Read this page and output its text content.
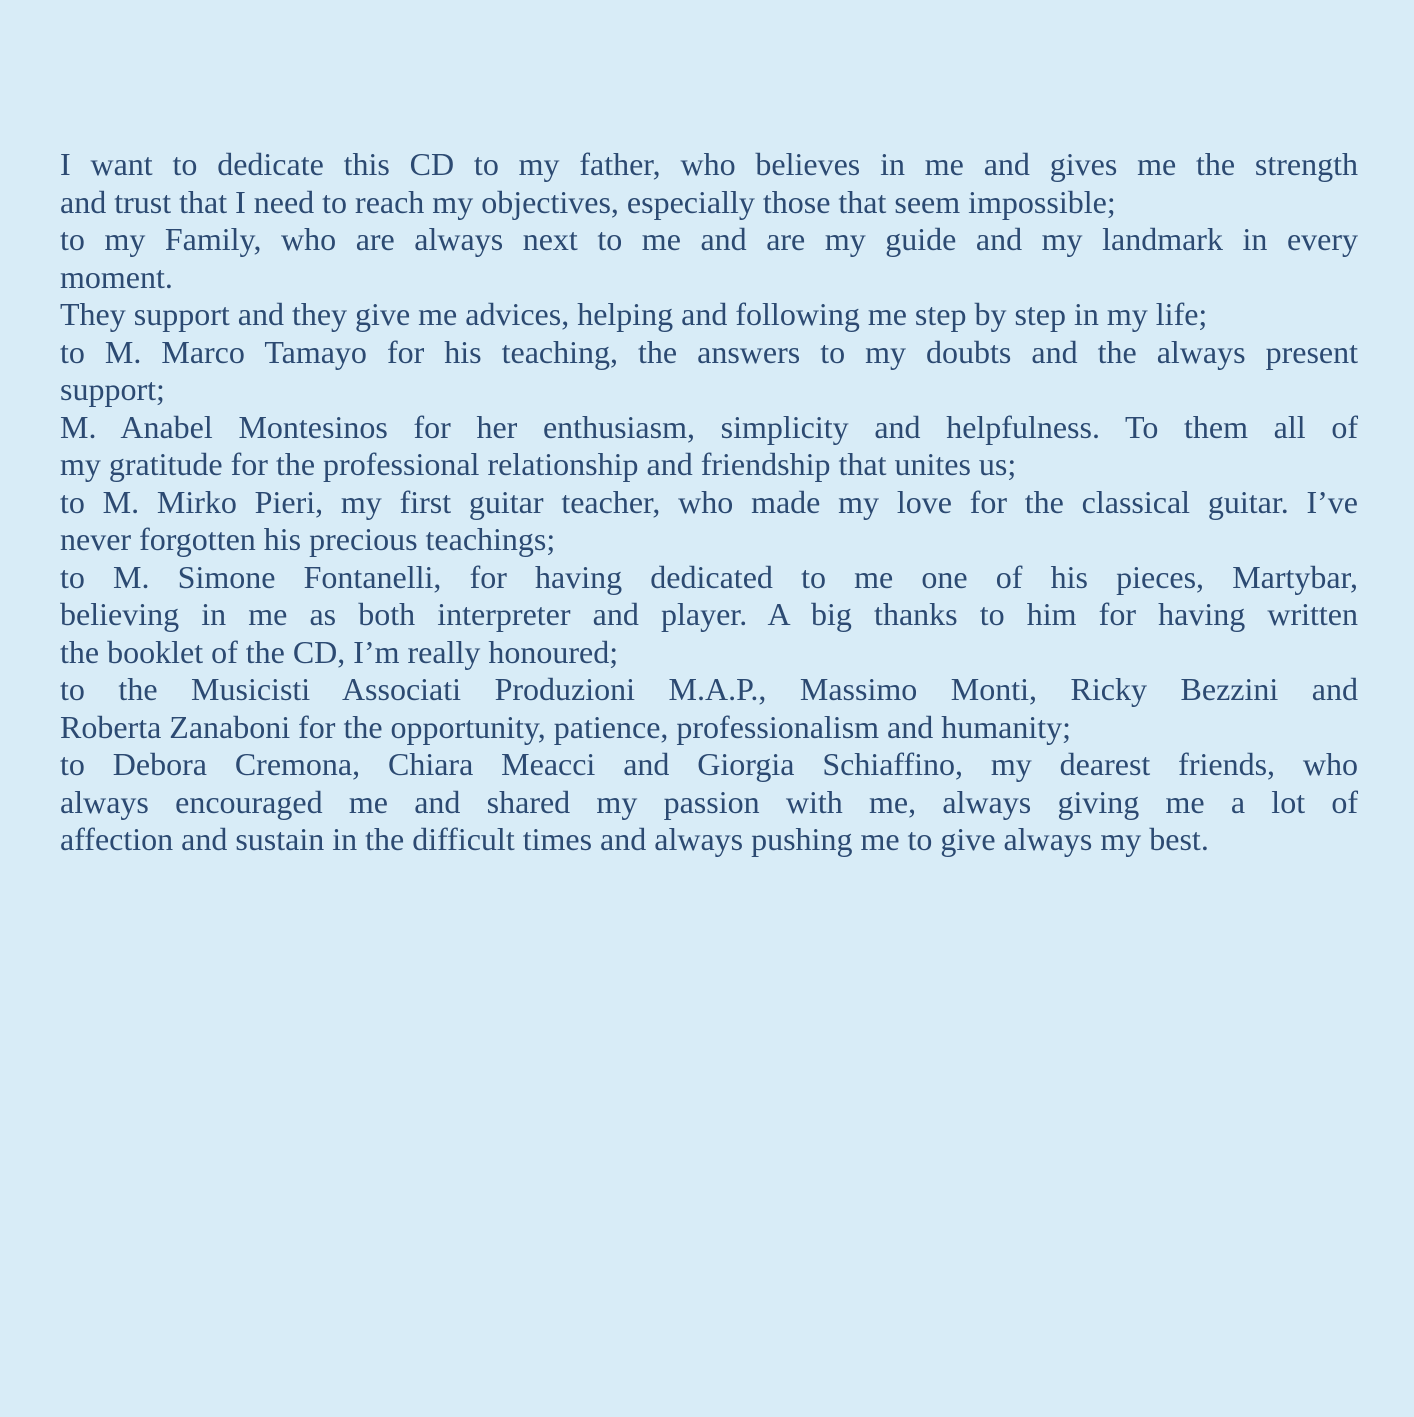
I want to dedicate this CD to my father, who believes in me and gives me the strength
and trust that I need to reach my objectives, especially those that seem impossible;
to my Family, who are always next to me and are my guide and my landmark in every
moment.
They support and they give me advices, helping and following me step by step in my life;
to M. Marco Tamayo for his teaching, the answers to my doubts and the always present
support;
M. Anabel Montesinos for her enthusiasm, simplicity and helpfulness. To them all of
my gratitude for the professional relationship and friendship that unites us;
to M. Mirko Pieri, my first guitar teacher, who made my love for the classical guitar. I’ve
never forgotten his precious teachings;
to M. Simone Fontanelli, for having dedicated to me one of his pieces, Martybar,
believing in me as both interpreter and player. A big thanks to him for having written
the booklet of the CD, I’m really honoured;
to the Musicisti Associati Produzioni M.A.P., Massimo Monti, Ricky Bezzini and
Roberta Zanaboni for the opportunity, patience, professionalism and humanity;
to Debora Cremona, Chiara Meacci and Giorgia Schiaffino, my dearest friends, who
always encouraged me and shared my passion with me, always giving me a lot of
affection and sustain in the difficult times and always pushing me to give always my best.
